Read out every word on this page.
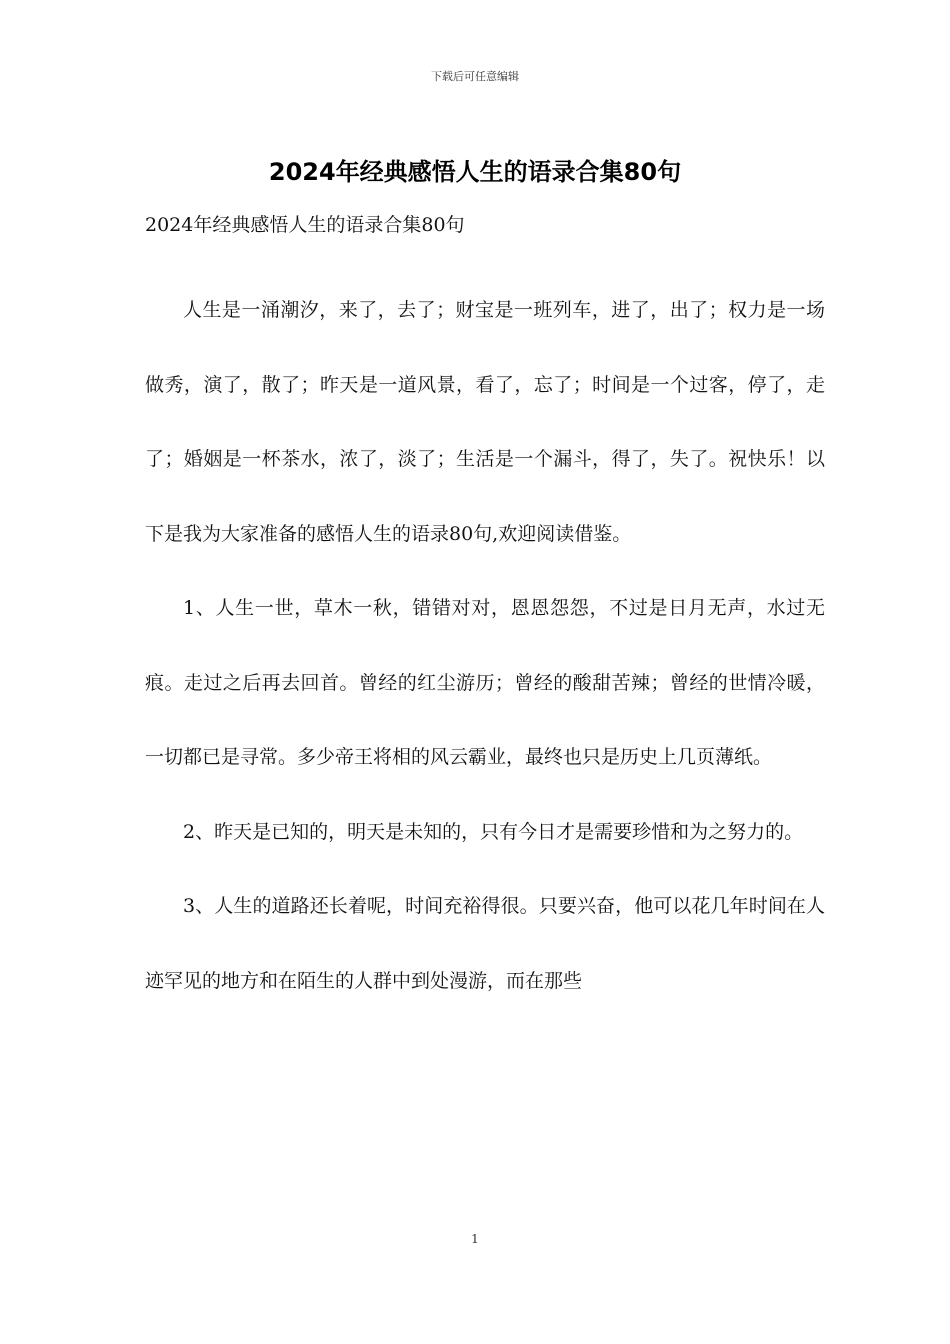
下载后可任意编辑
2024年经典感悟人生的语录合集80句

2024年经典感悟人生的语录合集80句

人生是一涌潮汐，来了，去了；财宝是一班列车，进了，出了；权力是一场做秀，演了，散了；昨天是一道风景，看了，忘了；时间是一个过客，停了，走了；婚姻是一杯茶水，浓了，淡了；生活是一个漏斗，得了，失了。祝快乐！以下是我为大家准备的感悟人生的语录80句,欢迎阅读借鉴。

1、人生一世，草木一秋，错错对对，恩恩怨怨，不过是日月无声，水过无痕。走过之后再去回首。曾经的红尘游历；曾经的酸甜苦辣；曾经的世情冷暖，一切都已是寻常。多少帝王将相的风云霸业，最终也只是历史上几页薄纸。

2、昨天是已知的，明天是未知的，只有今日才是需要珍惜和为之努力的。

3、人生的道路还长着呢，时间充裕得很。只要兴奋，他可以花几年时间在人迹罕见的地方和在陌生的人群中到处漫游，而在那些

1
